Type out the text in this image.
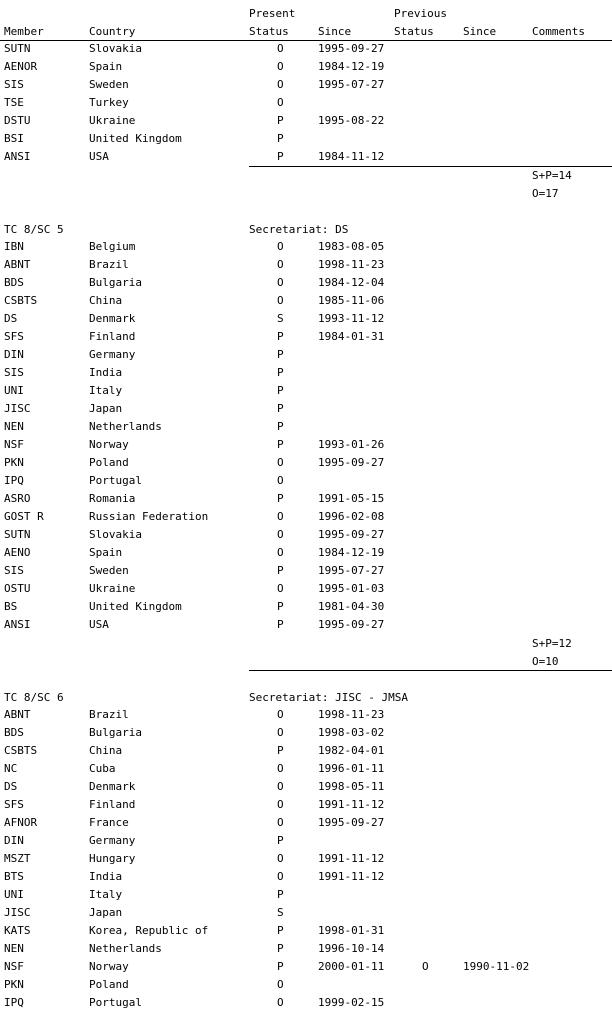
Present	Previous
Member	Country	Status	Since	Status	Since	Comments
SUTN	Slovakia	O	1995-09-27
AENOR	Spain	O	1984-12-19
SIS	Sweden	O	1995-07-27
TSE	Turkey	O
DSTU	Ukraine	P	1995-08-22
BSI	United Kingdom	P
ANSI	USA	P	1984-11-12
S+P=14
O=17
TC 8/SC 5	Secretariat: DS
IBN	Belgium	O	1983-08-05
ABNT	Brazil	O	1998-11-23
BDS	Bulgaria	O	1984-12-04
CSBTS	China	O	1985-11-06
DS	Denmark	S	1993-11-12
SFS	Finland	P	1984-01-31
DIN	Germany	P
SIS	India	P
UNI	Italy	P
JISC	Japan	P
NEN	Netherlands	P
NSF	Norway	P	1993-01-26
PKN	Poland	O	1995-09-27
IPQ	Portugal	O
ASRO	Romania	P	1991-05-15
GOST R	Russian Federation	O	1996-02-08
SUTN	Slovakia	O	1995-09-27
AENO	Spain	O	1984-12-19
SIS	Sweden	P	1995-07-27
OSTU	Ukraine	O	1995-01-03
BS	United Kingdom	P	1981-04-30
ANSI	USA	P	1995-09-27
S+P=12
O=10
TC 8/SC 6	Secretariat: JISC - JMSA
ABNT	Brazil	O	1998-11-23
BDS	Bulgaria	O	1998-03-02
CSBTS	China	P	1982-04-01
NC	Cuba	O	1996-01-11
DS	Denmark	O	1998-05-11
SFS	Finland	O	1991-11-12
AFNOR	France	O	1995-09-27
DIN	Germany	P
MSZT	Hungary	O	1991-11-12
BTS	India	O	1991-11-12
UNI	Italy	P
JISC	Japan	S
KATS	Korea, Republic of	P	1998-01-31
NEN	Netherlands	P	1996-10-14
NSF	Norway	P	2000-01-11	O	1990-11-02
PKN	Poland	O
IPQ	Portugal	O	1999-02-15
